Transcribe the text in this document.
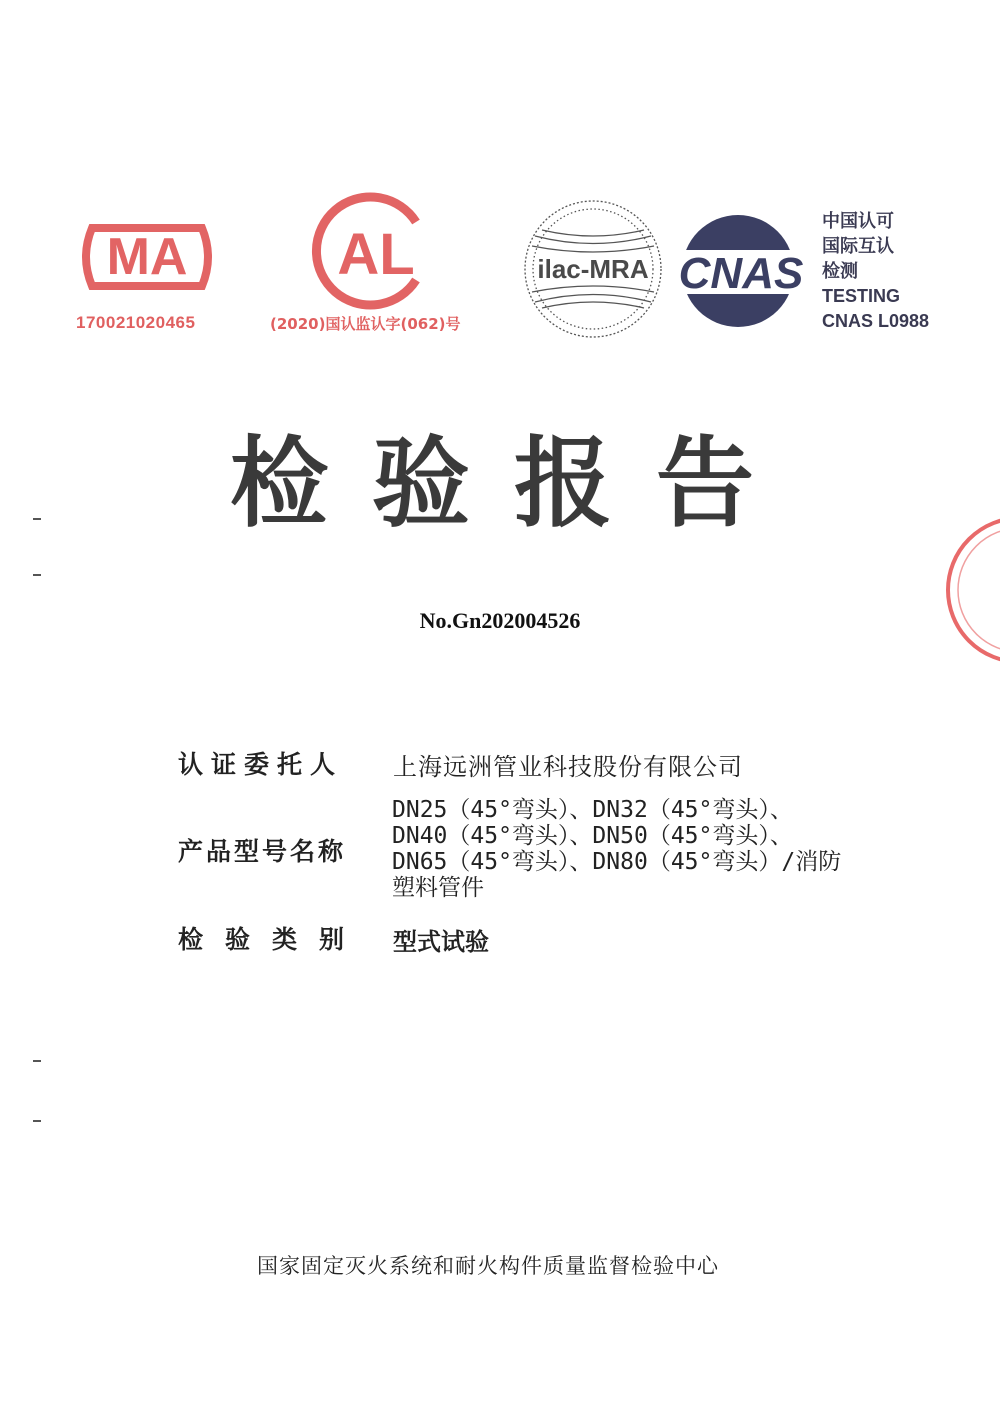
MA
170021020465
AL
(2020)国认监认字(062)号
ilac-MRA CNAS
中国认可
国际互认
检测
TESTING
CNAS L0988
检验报告
No.Gn202004526
认证委托人 上海远洲管业科技股份有限公司
产品型号名称
DN25（45°弯头）、DN32（45°弯头）、
DN40（45°弯头）、DN50（45°弯头）、
DN65（45°弯头）、DN80（45°弯头）/消防
塑料管件
检验类别 型式试验
国家固定灭火系统和耐火构件质量监督检验中心
